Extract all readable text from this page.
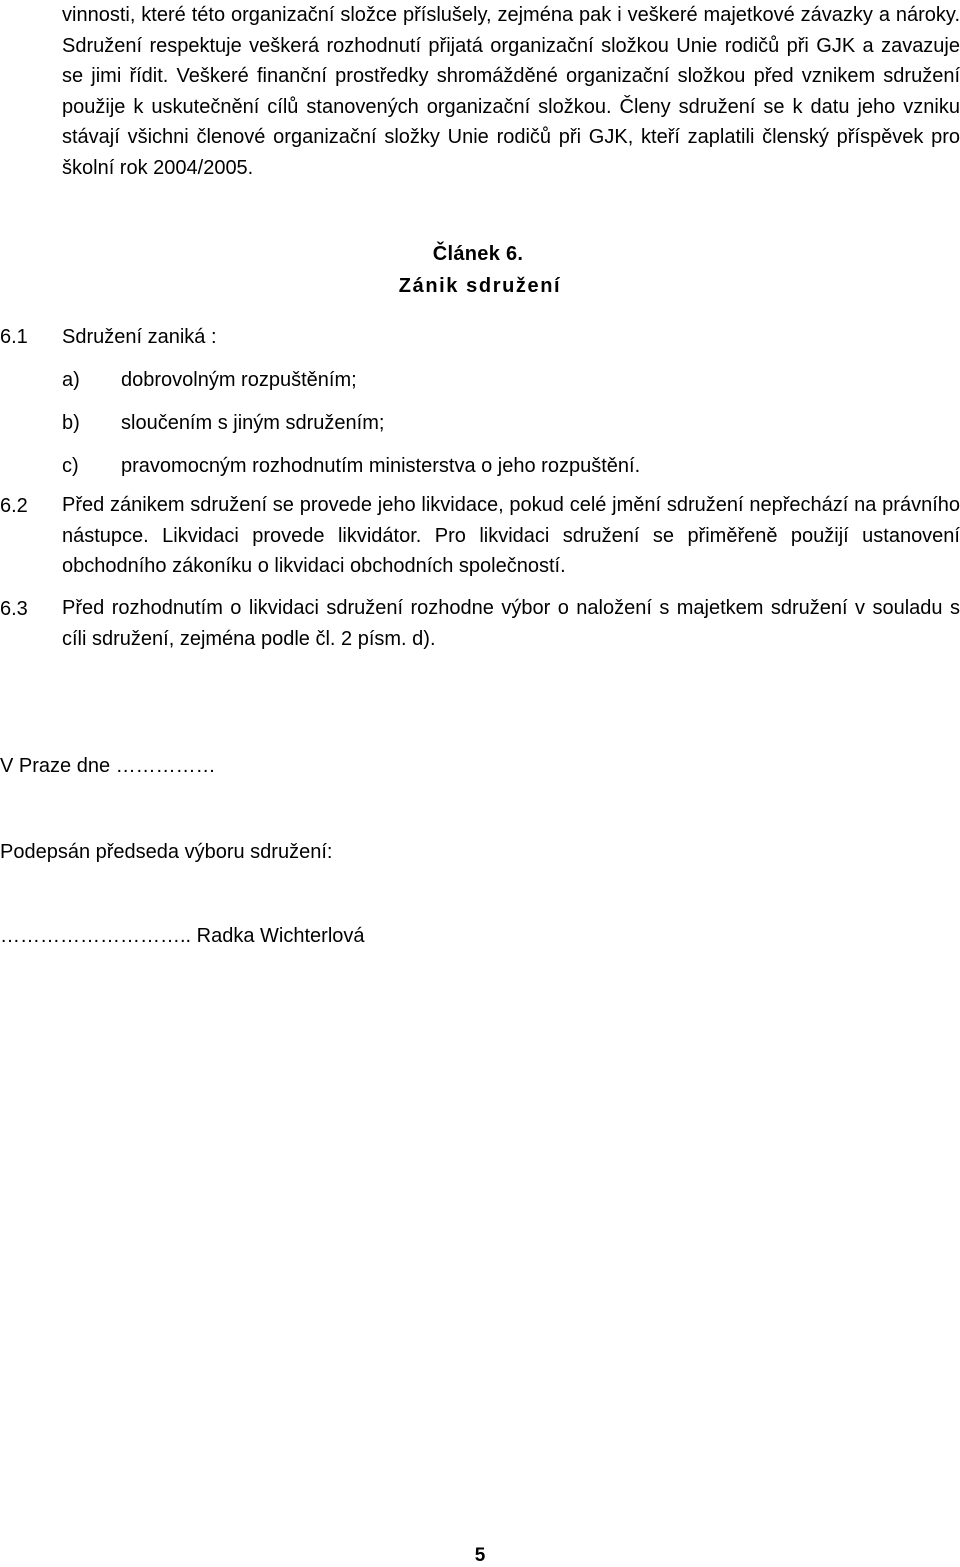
vinnosti, které této organizační složce příslušely, zejména pak i veškeré majetkové závazky a nároky. Sdružení respektuje veškerá rozhodnutí přijatá organizační složkou Unie rodičů při GJK a zavazuje se jimi řídit. Veškeré finanční prostředky shromážděné organizační složkou před vznikem sdružení použije k uskutečnění cílů stanovených organizační složkou. Členy sdružení se k datu jeho vzniku stávají všichni členové organizační složky Unie rodičů při GJK, kteří zaplatili členský příspěvek pro školní rok 2004/2005.

Článek 6.

Zánik sdružení

6.1	Sdružení zaniká :
a) dobrovolným rozpuštěním;
b) sloučením s jiným sdružením;
c) pravomocným rozhodnutím ministerstva o jeho rozpuštění.
6.2	Před zánikem sdružení se provede jeho likvidace, pokud celé jmění sdružení nepřechází na právního nástupce. Likvidaci provede likvidátor. Pro likvidaci sdružení se přiměřeně použijí ustanovení obchodního zákoníku o likvidaci obchodních společností.

6.3	Před rozhodnutím o likvidaci sdružení rozhodne výbor o naložení s majetkem sdružení v souladu s cíli sdružení, zejména podle čl. 2 písm. d).

V Praze dne ……………

Podepsán předseda výboru sdružení:

……………………….. Radka Wichterlová

5
